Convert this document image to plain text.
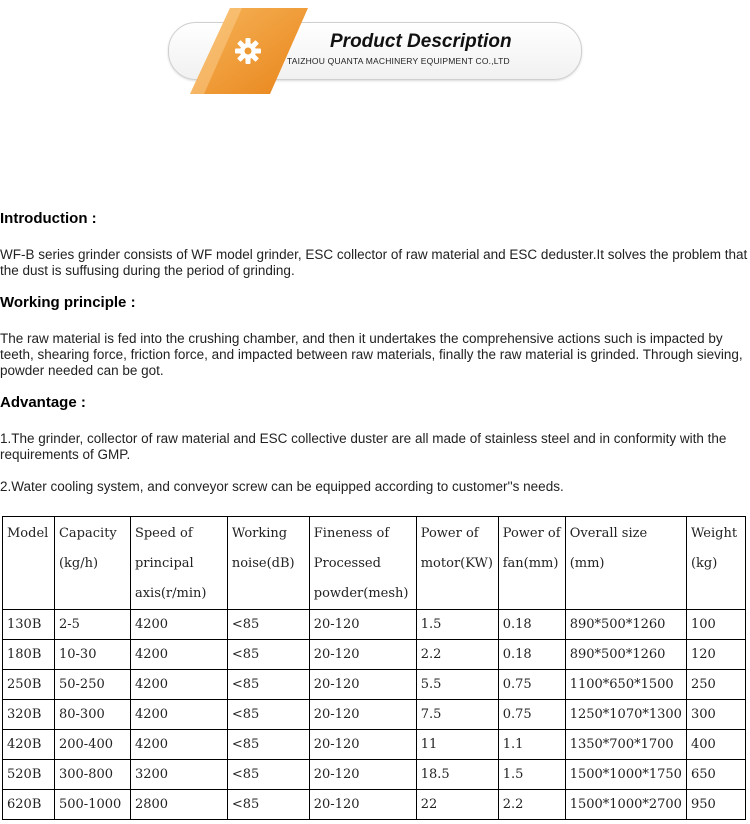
Product Description
TAIZHOU QUANTA MACHINERY EQUIPMENT CO.,LTD
Introduction :
WF-B series grinder consists of WF model grinder, ESC collector of raw material and ESC deduster.It solves the problem that the dust is suffusing during the period of grinding.
Working principle :
The raw material is fed into the crushing chamber, and then it undertakes the comprehensive actions such is impacted by teeth, shearing force, friction force, and impacted between raw materials, finally the raw material is grinded. Through sieving, powder needed can be got.
Advantage :
1.The grinder, collector of raw material and ESC collective duster are all made of stainless steel and in conformity with the requirements of GMP.
2.Water cooling system, and conveyor screw can be equipped according to customer''s needs.
Model	Capacity (kg/h)	Speed of principal axis(r/min)	Working noise(dB)	Fineness of Processed powder(mesh)	Power of motor(KW)	Power of fan(mm)	Overall size (mm)	Weight (kg)
130B	2-5	4200	<85	20-120	1.5	0.18	890*500*1260	100
180B	10-30	4200	<85	20-120	2.2	0.18	890*500*1260	120
250B	50-250	4200	<85	20-120	5.5	0.75	1100*650*1500	250
320B	80-300	4200	<85	20-120	7.5	0.75	1250*1070*1300	300
420B	200-400	4200	<85	20-120	11	1.1	1350*700*1700	400
520B	300-800	3200	<85	20-120	18.5	1.5	1500*1000*1750	650
620B	500-1000	2800	<85	20-120	22	2.2	1500*1000*2700	950
